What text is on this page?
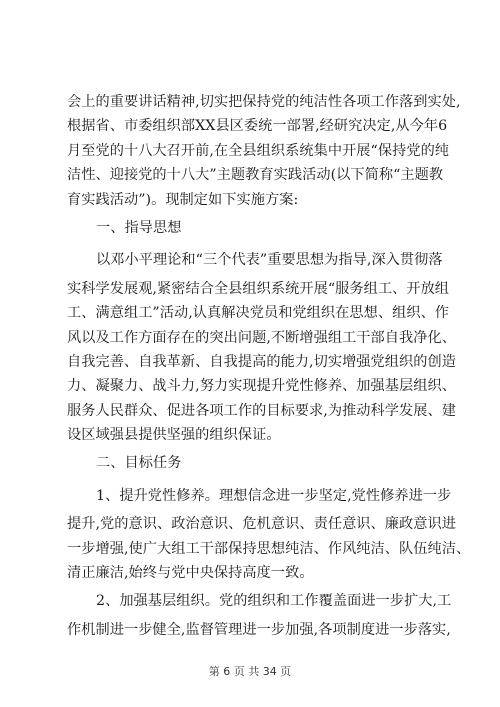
会上的重要讲话精神,切实把保持党的纯洁性各项工作落到实处,
根据省、市委组织部XX县区委统一部署,经研究决定,从今年6
月至党的十八大召开前,在全县组织系统集中开展“保持党的纯
洁性、迎接党的十八大”主题教育实践活动(以下简称“主题教
育实践活动”)。现制定如下实施方案:
一、指导思想
以邓小平理论和“三个代表”重要思想为指导,深入贯彻落
实科学发展观,紧密结合全县组织系统开展“服务组工、开放组
工、满意组工”活动,认真解决党员和党组织在思想、组织、作
风以及工作方面存在的突出问题,不断增强组工干部自我净化、
自我完善、自我革新、自我提高的能力,切实增强党组织的创造
力、凝聚力、战斗力,努力实现提升党性修养、加强基层组织、
服务人民群众、促进各项工作的目标要求,为推动科学发展、建
设区域强县提供坚强的组织保证。
二、目标任务
1、提升党性修养。理想信念进一步坚定,党性修养进一步
提升,党的意识、政治意识、危机意识、责任意识、廉政意识进
一步增强,使广大组工干部保持思想纯洁、作风纯洁、队伍纯洁、
清正廉洁,始终与党中央保持高度一致。
2、加强基层组织。党的组织和工作覆盖面进一步扩大,工
作机制进一步健全,监督管理进一步加强,各项制度进一步落实,
第 6 页 共 34 页
